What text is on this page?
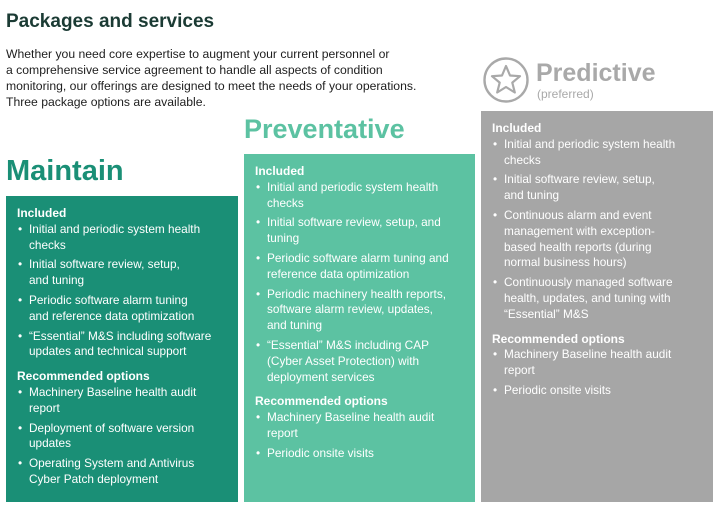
Packages and services

Whether you need core expertise to augment your current personnel or
a comprehensive service agreement to handle all aspects of condition
monitoring, our offerings are designed to meet the needs of your operations.
Three package options are available.

Predictive
(preferred)
Preventative
Maintain

Included

• Initial and periodic system health
checks
• Initial software review, setup,
and tuning
• Periodic software alarm tuning
and reference data optimization
• “Essential” M&S including software
updates and technical support

Recommended options

• Machinery Baseline health audit
report
• Deployment of software version
updates
• Operating System and Antivirus
Cyber Patch deployment

Included

• Initial and periodic system health
checks
• Initial software review, setup, and
tuning
• Periodic software alarm tuning and
reference data optimization
• Periodic machinery health reports,
software alarm review, updates,
and tuning
• “Essential” M&S including CAP
(Cyber Asset Protection) with
deployment services

Recommended options

• Machinery Baseline health audit
report
• Periodic onsite visits

Included

• Initial and periodic system health
checks
• Initial software review, setup,
and tuning
• Continuous alarm and event
management with exception-
based health reports (during
normal business hours)
• Continuously managed software
health, updates, and tuning with
“Essential” M&S

Recommended options

• Machinery Baseline health audit
report
• Periodic onsite visits
